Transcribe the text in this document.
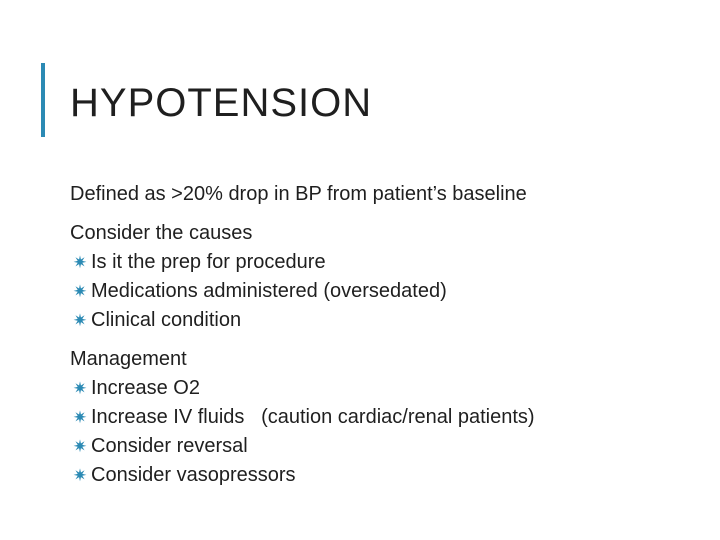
HYPOTENSION
Defined as >20% drop in BP from patient’s baseline
Consider the causes
✷ Is it the prep for procedure
✷ Medications administered (oversedated)
✷ Clinical condition
Management
✷ Increase O2
✷ Increase IV fluids   (caution cardiac/renal patients)
✷ Consider reversal
✷ Consider vasopressors
